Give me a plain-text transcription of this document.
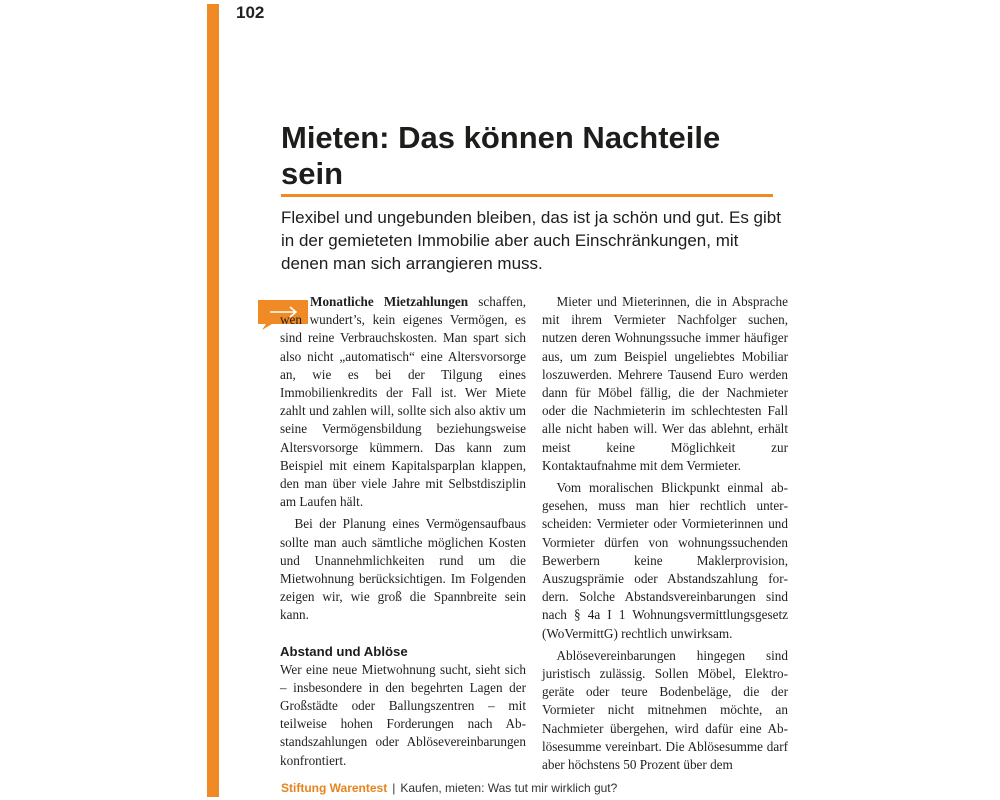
102
Mieten: Das können Nachteile sein

Flexibel und ungebunden bleiben, das ist ja schön und gut. Es gibt in der gemieteten Immobilie aber auch Einschränkungen, mit denen man sich arrangieren muss.

Monatliche Mietzahlungen schaffen, wen wundert’s, kein eigenes Vermögen, es sind reine Verbrauchskosten. Man spart sich also nicht „automatisch“ eine Altersvorsorge an, wie es bei der Tilgung eines Immobilienkredits der Fall ist. Wer Miete zahlt und zahlen will, sollte sich also aktiv um seine Vermögensbildung beziehungsweise Altersvorsorge kümmern. Das kann zum Beispiel mit einem Kapitalsparplan klappen, den man über viele Jahre mit Selbstdisziplin am Laufen hält.

Bei der Planung eines Vermögensaufbaus sollte man auch sämtliche möglichen Kosten und Unannehmlichkeiten rund um die Mietwohnung berücksichtigen. Im Folgenden zeigen wir, wie groß die Spannbreite sein kann.

Abstand und Ablöse

Wer eine neue Mietwohnung sucht, sieht sich – insbesondere in den begehrten Lagen der Großstädte oder Ballungszentren – mit teilweise hohen Forderungen nach Abstandszahlungen oder Ablösevereinbarungen konfrontiert.

Mieter und Mieterinnen, die in Absprache mit ihrem Vermieter Nachfolger suchen, nutzen deren Wohnungssuche immer häufiger aus, um zum Beispiel ungeliebtes Mobiliar loszuwerden. Mehrere Tausend Euro werden dann für Möbel fällig, die der Nachmieter oder die Nachmieterin im schlechtesten Fall alle nicht haben will. Wer das ablehnt, erhält meist keine Möglichkeit zur Kontaktaufnahme mit dem Vermieter.

Vom moralischen Blickpunkt einmal abgesehen, muss man hier rechtlich unterscheiden: Vermieter oder Vormieterinnen und Vormieter dürfen von wohnungssuchenden Bewerbern keine Maklerprovision, Auszugsprämie oder Abstandszahlung fordern. Solche Abstandsvereinbarungen sind nach § 4a I 1 Wohnungsvermittlungsgesetz (WoVermittG) rechtlich unwirksam.

Ablösevereinbarungen hingegen sind juristisch zulässig. Sollen Möbel, Elektrogeräte oder teure Bodenbeläge, die der Vormieter nicht mitnehmen möchte, an Nachmieter übergehen, wird dafür eine Ablösesumme vereinbart. Die Ablösesumme darf aber höchstens 50 Prozent über dem

Stiftung Warentest | Kaufen, mieten: Was tut mir wirklich gut?
